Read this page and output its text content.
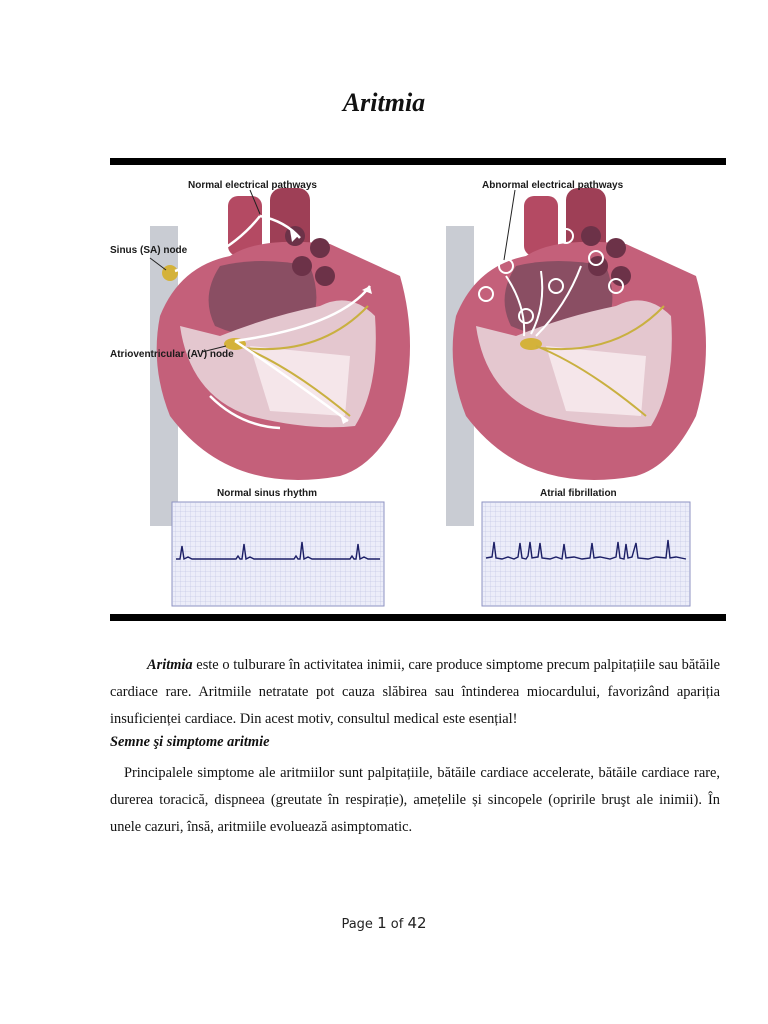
Aritmia
Normal electrical pathways
Sinus (SA) node
Atrioventricular (AV) node
Abnormal electrical pathways
Normal sinus rhythm	Atrial fibrillation
Aritmia este o tulburare în activitatea inimii, care produce simptome precum palpitațiile sau bătăile cardiace rare. Aritmiile netratate pot cauza slăbirea sau întinderea miocardului, favorizând apariția insuficienței cardiace. Din acest motiv, consultul medical este esențial!
Semne şi simptome aritmie
Principalele simptome ale aritmiilor sunt palpitațiile, bătăile cardiace accelerate, bătăile cardiace rare, durerea toracică, dispneea (greutate în respirație), amețelile și sincopele (opririle bruşt ale inimii). În unele cazuri, însă, aritmiile evoluează asimptomatic.
Page 1 of 42
